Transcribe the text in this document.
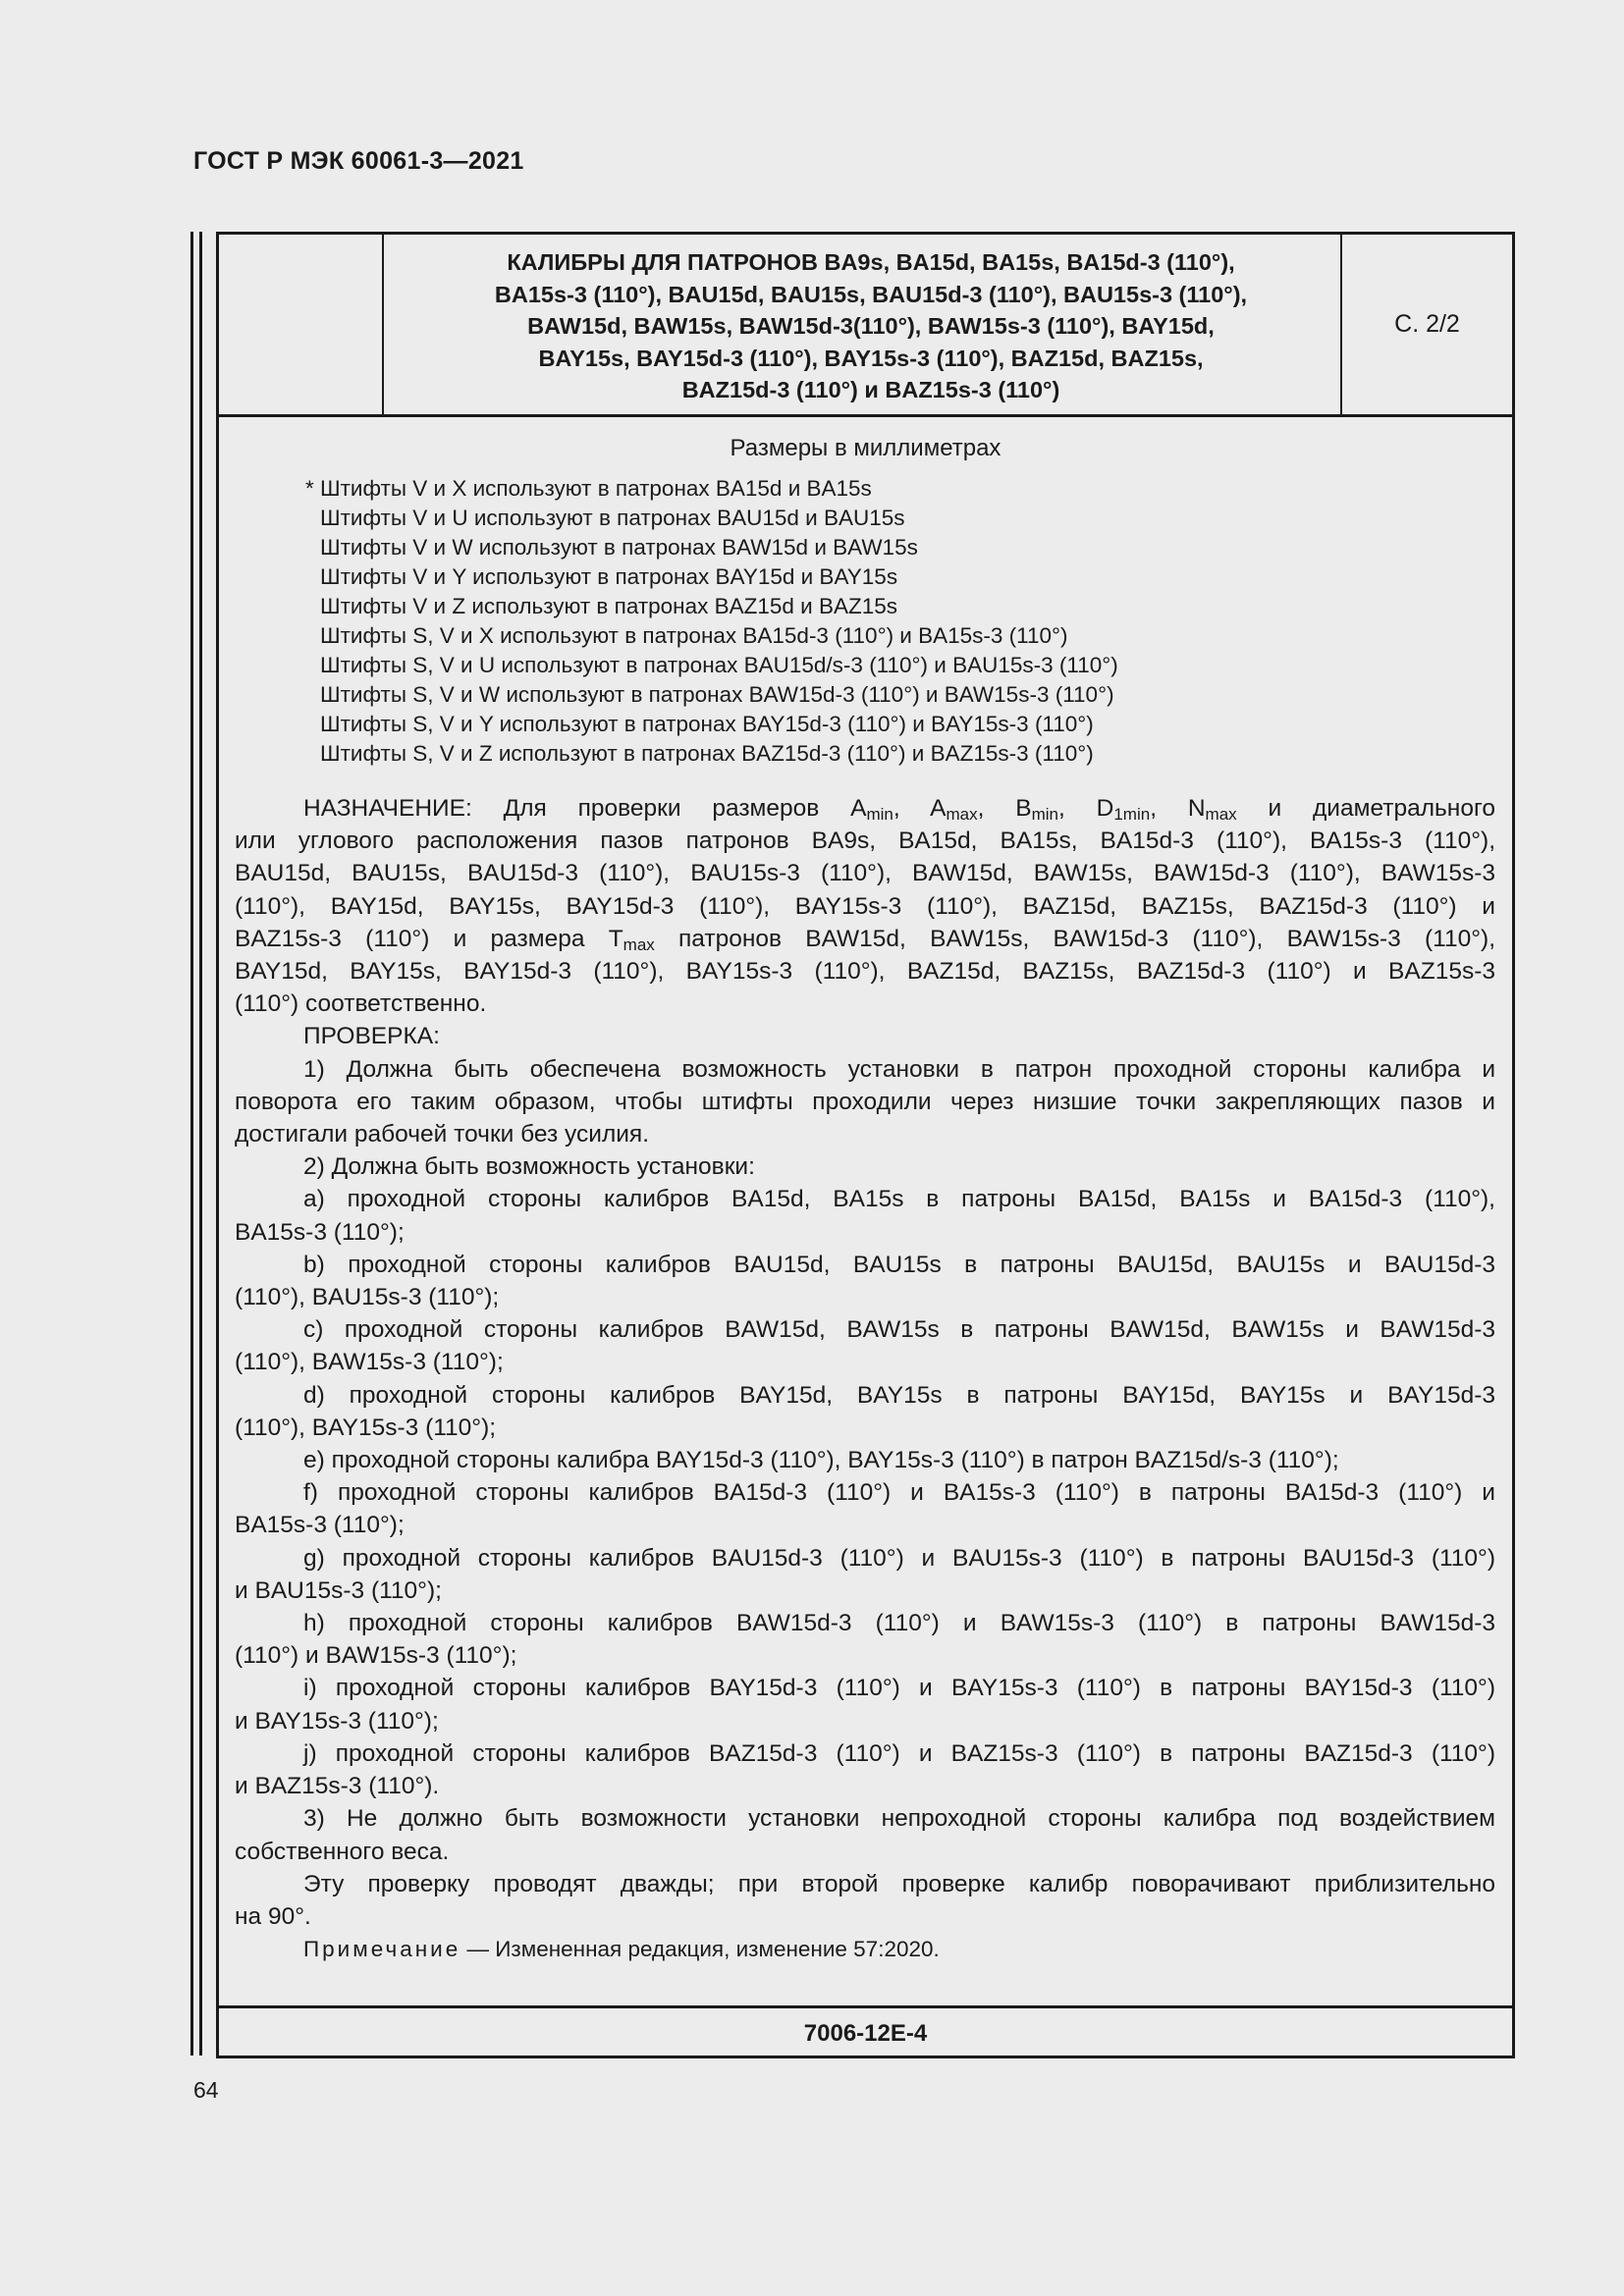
ГОСТ Р МЭК 60061-3—2021
КАЛИБРЫ ДЛЯ ПАТРОНОВ BA9s, BA15d, BA15s, BA15d-3 (110°),
BA15s-3 (110°), BAU15d, BAU15s, BAU15d-3 (110°), BAU15s-3 (110°),
BAW15d, BAW15s, BAW15d-3(110°), BAW15s-3 (110°), BAY15d,
BAY15s, BAY15d-3 (110°), BAY15s-3 (110°), BAZ15d, BAZ15s,
BAZ15d-3 (110°) и BAZ15s-3 (110°)
С. 2/2
Размеры в миллиметрах
* Штифты V и X используют в патронах BA15d и BA15s
Штифты V и U используют в патронах BAU15d и BAU15s
Штифты V и W используют в патронах BAW15d и BAW15s
Штифты V и Y используют в патронах BAY15d и BAY15s
Штифты V и Z используют в патронах BAZ15d и BAZ15s
Штифты S, V и X используют в патронах BA15d-3 (110°) и BA15s-3 (110°)
Штифты S, V и U используют в патронах BAU15d/s-3 (110°) и BAU15s-3 (110°)
Штифты S, V и W используют в патронах BAW15d-3 (110°) и BAW15s-3 (110°)
Штифты S, V и Y используют в патронах BAY15d-3 (110°) и BAY15s-3 (110°)
Штифты S, V и Z используют в патронах BAZ15d-3 (110°) и BAZ15s-3 (110°)

НАЗНАЧЕНИЕ: Для проверки размеров $A_{min}$, $A_{max}$, $B_{min}$, $D_{1min}$, $N_{max}$ и диаметрального

или углового расположения пазов патронов BA9s, BA15d, BA15s, BA15d-3 (110°), BA15s-3 (110°),

BAU15d, BAU15s, BAU15d-3 (110°), BAU15s-3 (110°), BAW15d, BAW15s, BAW15d-3 (110°), BAW15s-3

(110°), BAY15d, BAY15s, BAY15d-3 (110°), BAY15s-3 (110°), BAZ15d, BAZ15s, BAZ15d-3 (110°) и

BAZ15s-3 (110°) и размера $T_{max}$ патронов BAW15d, BAW15s, BAW15d-3 (110°), BAW15s-3 (110°),

BAY15d, BAY15s, BAY15d-3 (110°), BAY15s-3 (110°), BAZ15d, BAZ15s, BAZ15d-3 (110°) и BAZ15s-3

(110°) соответственно.

ПРОВЕРКА:

1) Должна быть обеспечена возможность установки в патрон проходной стороны калибра и

поворота его таким образом, чтобы штифты проходили через низшие точки закрепляющих пазов и

достигали рабочей точки без усилия.

2) Должна быть возможность установки:

a) проходной стороны калибров BA15d, BA15s в патроны BA15d, BA15s и BA15d-3 (110°),

BA15s-3 (110°);

b) проходной стороны калибров BAU15d, BAU15s в патроны BAU15d, BAU15s и BAU15d-3

(110°), BAU15s-3 (110°);

c) проходной стороны калибров BAW15d, BAW15s в патроны BAW15d, BAW15s и BAW15d-3

(110°), BAW15s-3 (110°);

d) проходной стороны калибров BAY15d, BAY15s в патроны BAY15d, BAY15s и BAY15d-3

(110°), BAY15s-3 (110°);

e) проходной стороны калибра BAY15d-3 (110°), BAY15s-3 (110°) в патрон BAZ15d/s-3 (110°);

f) проходной стороны калибров BA15d-3 (110°) и BA15s-3 (110°) в патроны BA15d-3 (110°) и

BA15s-3 (110°);

g) проходной стороны калибров BAU15d-3 (110°) и BAU15s-3 (110°) в патроны BAU15d-3 (110°)

и BAU15s-3 (110°);

h) проходной стороны калибров BAW15d-3 (110°) и BAW15s-3 (110°) в патроны BAW15d-3

(110°) и BAW15s-3 (110°);

i) проходной стороны калибров BAY15d-3 (110°) и BAY15s-3 (110°) в патроны BAY15d-3 (110°)

и BAY15s-3 (110°);

j) проходной стороны калибров BAZ15d-3 (110°) и BAZ15s-3 (110°) в патроны BAZ15d-3 (110°)

и BAZ15s-3 (110°).

3) Не должно быть возможности установки непроходной стороны калибра под воздействием

собственного веса.

Эту проверку проводят дважды; при второй проверке калибр поворачивают приблизительно

на 90°.

Примечание — Измененная редакция, изменение 57:2020.

7006-12E-4
64
